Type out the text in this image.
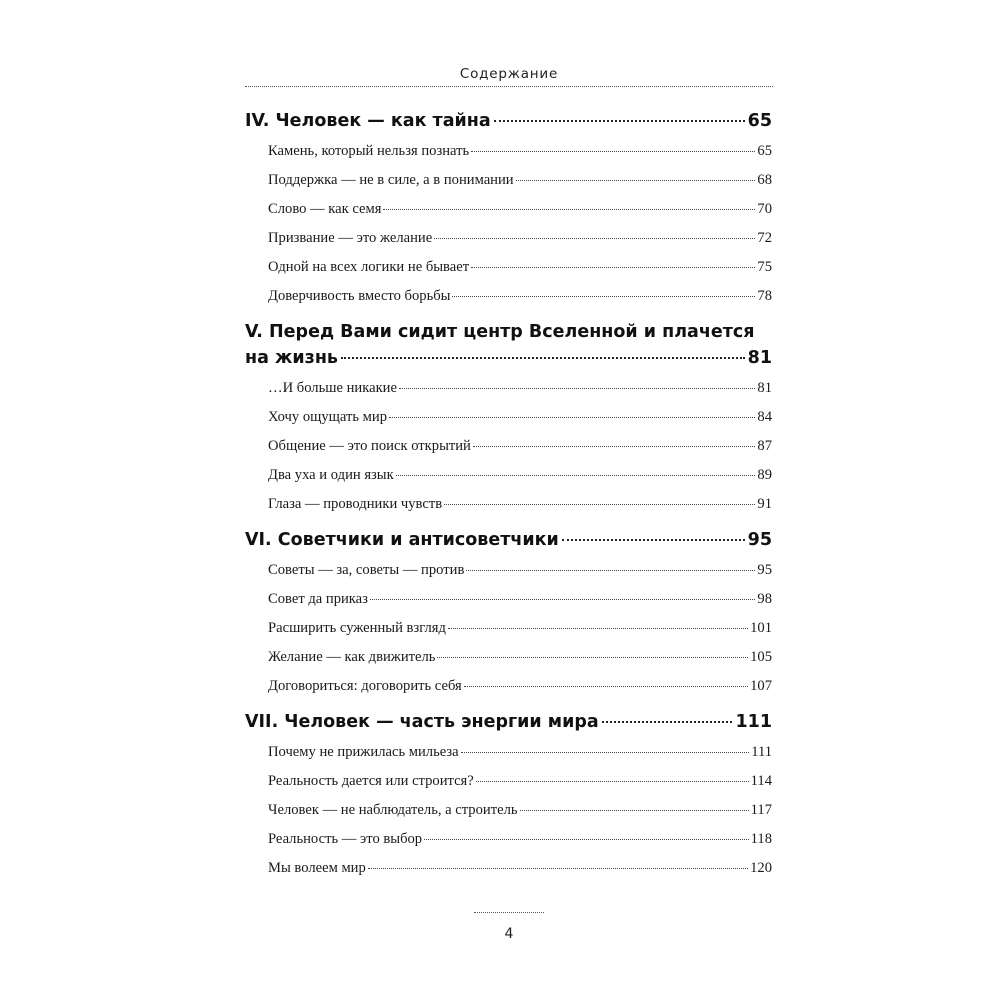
Содержание
IV. Человек — как тайна	65
Камень, который нельзя познать	65
Поддержка — не в силе, а в понимании	68
Слово — как семя	70
Призвание — это желание	72
Одной на всех логики не бывает	75
Доверчивость вместо борьбы	78
V. Перед Вами сидит центр Вселенной и плачется
на жизнь	81
…И больше никакие	81
Хочу ощущать мир	84
Общение — это поиск открытий	87
Два уха и один язык	89
Глаза — проводники чувств	91
VI. Советчики и антисоветчики	95
Советы — за, советы — против	95
Совет да приказ	98
Расширить суженный взгляд	101
Желание — как движитель	105
Договориться: договорить себя	107
VII. Человек — часть энергии мира	111
Почему не прижилась мильеза	111
Реальность дается или строится?	114
Человек — не наблюдатель, а строитель	117
Реальность — это выбор	118
Мы волеем мир	120
4
